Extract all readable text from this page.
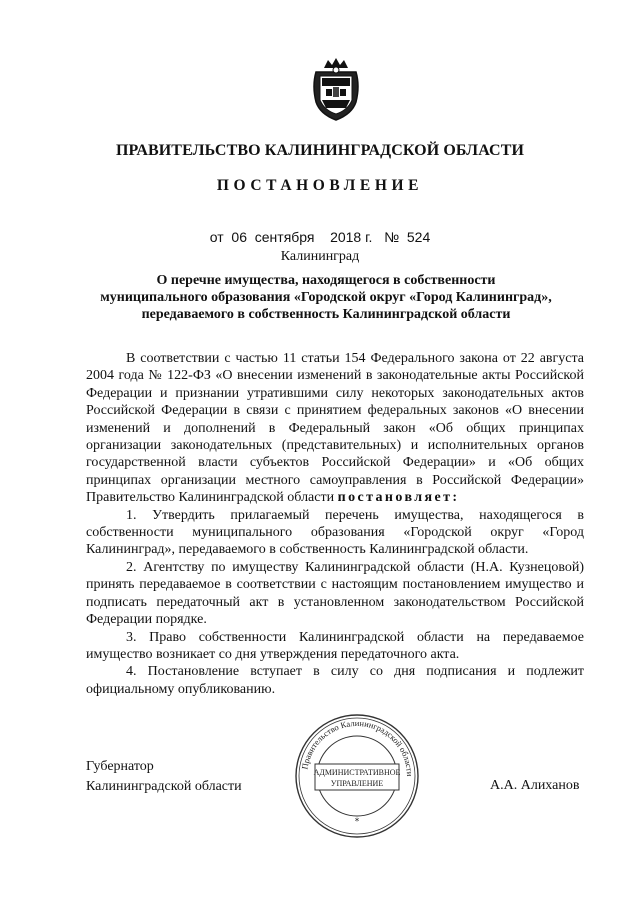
ПРАВИТЕЛЬСТВО КАЛИНИНГРАДСКОЙ ОБЛАСТИ
ПОСТАНОВЛЕНИЕ
от 06 сентября 2018 г. № 524
Калининград
О перечне имущества, находящегося в собственности
муниципального образования «Городской округ «Город Калининград»,
передаваемого в собственность Калининградской области

В соответствии с частью 11 статьи 154 Федерального закона от 22 августа 2004 года № 122-ФЗ «О внесении изменений в законодательные акты Российской Федерации и признании утратившими силу некоторых законодательных актов Российской Федерации в связи с принятием федеральных законов «О внесении изменений и дополнений в Федеральный закон «Об общих принципах организации законодательных (представительных) и исполнительных органов государственной власти субъектов Российской Федерации» и «Об общих принципах организации местного самоуправления в Российской Федерации» Правительство Калининградской области постановляет:

1. Утвердить прилагаемый перечень имущества, находящегося в собственности муниципального образования «Городской округ «Город Калининград», передаваемого в собственность Калининградской области.

2. Агентству по имуществу Калининградской области (Н.А. Кузнецовой) принять передаваемое в соответствии с настоящим постановлением имущество и подписать передаточный акт в установленном законодательством Российской Федерации порядке.

3. Право собственности Калининградской области на передаваемое имущество возникает со дня утверждения передаточного акта.

4. Постановление вступает в силу со дня подписания и подлежит официальному опубликованию.

Губернатор
Калининградской области	А.А. Алиханов
Правительство Калининградской области
АДМИНИСТРАТИВНОЕ
УПРАВЛЕНИЕ
*
